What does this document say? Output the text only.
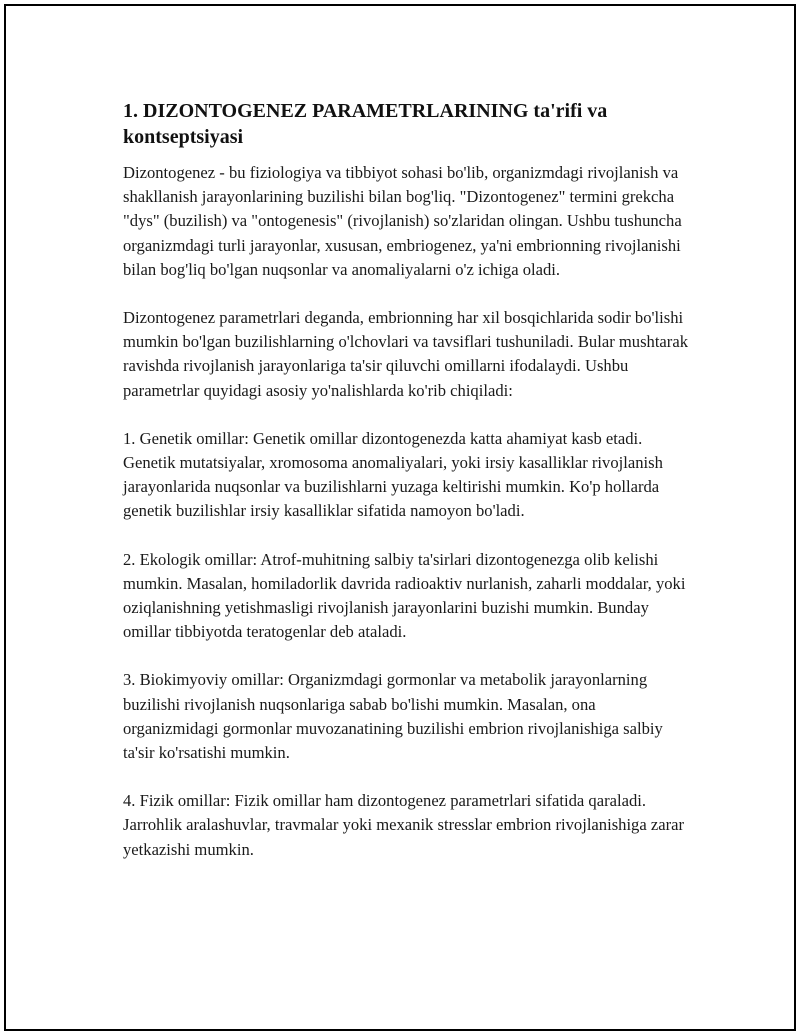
1. DIZONTOGENEZ PARAMETRLARINING ta'rifi va kontseptsiyasi

Dizontogenez - bu fiziologiya va tibbiyot sohasi bo'lib, organizmdagi rivojlanish va shakllanish jarayonlarining buzilishi bilan bog'liq. "Dizontogenez" termini grekcha "dys" (buzilish) va "ontogenesis" (rivojlanish) so'zlaridan olingan. Ushbu tushuncha organizmdagi turli jarayonlar, xususan, embriogenez, ya'ni embrionning rivojlanishi bilan bog'liq bo'lgan nuqsonlar va anomaliyalarni o'z ichiga oladi.

Dizontogenez parametrlari deganda, embrionning har xil bosqichlarida sodir bo'lishi mumkin bo'lgan buzilishlarning o'lchovlari va tavsiflari tushuniladi. Bular mushtarak ravishda rivojlanish jarayonlariga ta'sir qiluvchi omillarni ifodalaydi. Ushbu parametrlar quyidagi asosiy yo'nalishlarda ko'rib chiqiladi:

1. Genetik omillar: Genetik omillar dizontogenezda katta ahamiyat kasb etadi. Genetik mutatsiyalar, xromosoma anomaliyalari, yoki irsiy kasalliklar rivojlanish jarayonlarida nuqsonlar va buzilishlarni yuzaga keltirishi mumkin. Ko'p hollarda genetik buzilishlar irsiy kasalliklar sifatida namoyon bo'ladi.

2. Ekologik omillar: Atrof-muhitning salbiy ta'sirlari dizontogenezga olib kelishi mumkin. Masalan, homiladorlik davrida radioaktiv nurlanish, zaharli moddalar, yoki oziqlanishning yetishmasligi rivojlanish jarayonlarini buzishi mumkin. Bunday omillar tibbiyotda teratogenlar deb ataladi.

3. Biokimyoviy omillar: Organizmdagi gormonlar va metabolik jarayonlarning buzilishi rivojlanish nuqsonlariga sabab bo'lishi mumkin. Masalan, ona organizmidagi gormonlar muvozanatining buzilishi embrion rivojlanishiga salbiy ta'sir ko'rsatishi mumkin.

4. Fizik omillar: Fizik omillar ham dizontogenez parametrlari sifatida qaraladi. Jarrohlik aralashuvlar, travmalar yoki mexanik stresslar embrion rivojlanishiga zarar yetkazishi mumkin.
